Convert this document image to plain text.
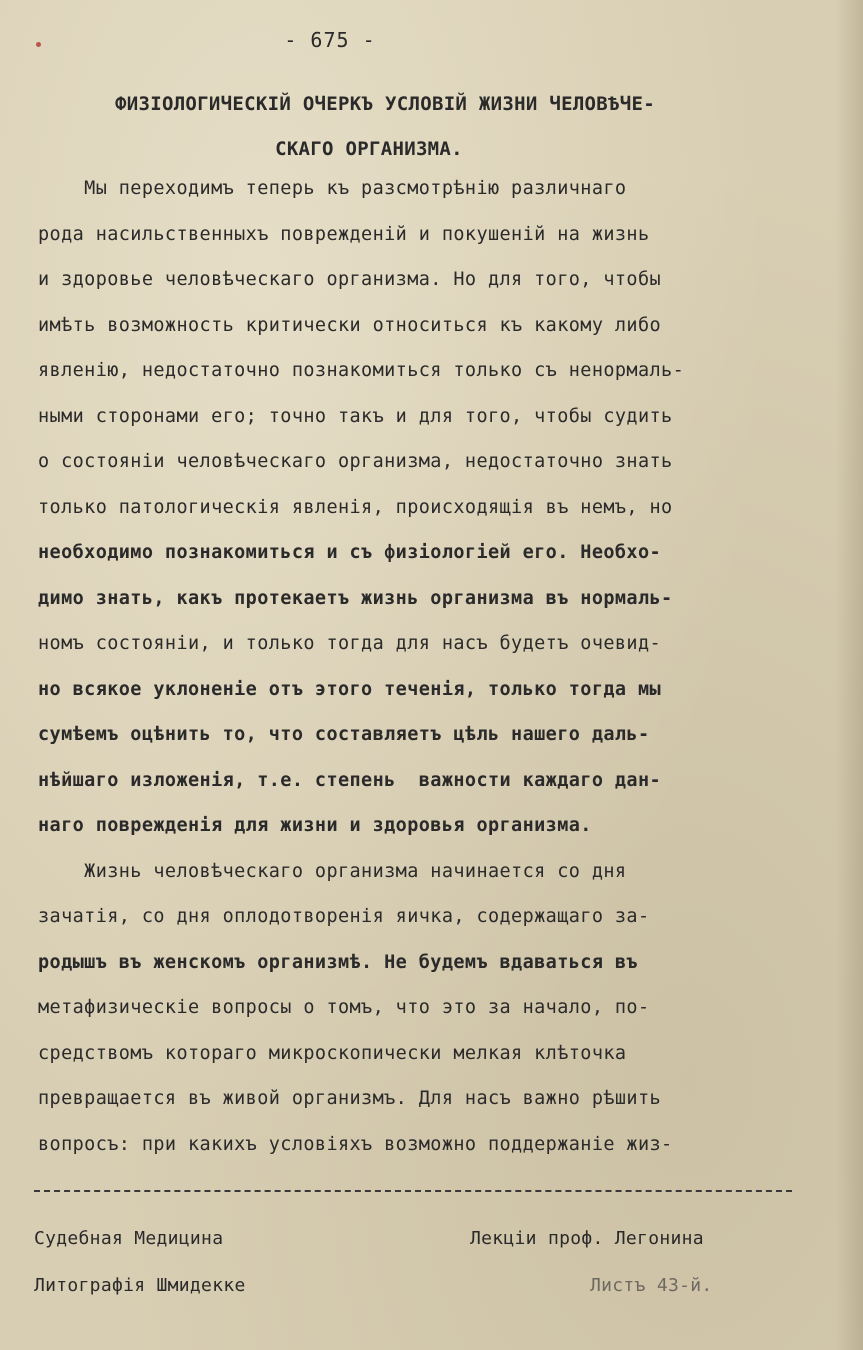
- 675 -
ФИЗІОЛОГИЧЕСКІЙ ОЧЕРКЪ УСЛОВІЙ ЖИЗНИ ЧЕЛОВѢЧЕ-
СКАГО ОРГАНИЗМА.
Мы переходимъ теперь къ разсмотрѣнію различнаго
рода насильственныхъ поврежденій и покушеній на жизнь
и здоровье человѣческаго организма. Но для того, чтобы
имѣть возможность критически относиться къ какому либо
явленію, недостаточно познакомиться только съ ненормаль-
ными сторонами его; точно такъ и для того, чтобы судить
о состояніи человѣческаго организма, недостаточно знать
только патологическія явленія, происходящія въ немъ, но
необходимо познакомиться и съ физіологіей его. Необхо-
димо знать, какъ протекаетъ жизнь организма въ нормаль-
номъ состояніи, и только тогда для насъ будетъ очевид-
но всякое уклоненіе отъ этого теченія, только тогда мы
сумѣемъ оцѣнить то, что составляетъ цѣль нашего даль-
нѣйшаго изложенія, т.е. степень  важности каждаго дан-
наго поврежденія для жизни и здоровья организма.
Жизнь человѣческаго организма начинается со дня
зачатія, со дня оплодотворенія яичка, содержащаго за-
родышъ въ женскомъ организмѣ. Не будемъ вдаваться въ
метафизическіе вопросы о томъ, что это за начало, по-
средствомъ котораго микроскопически мелкая клѣточка
превращается въ живой организмъ. Для насъ важно рѣшить
вопросъ: при какихъ условіяхъ возможно поддержаніе жиз-
Судебная Медицина	Лекціи проф. Легонина
Литографія Шмидекке	Листъ 43-й.
